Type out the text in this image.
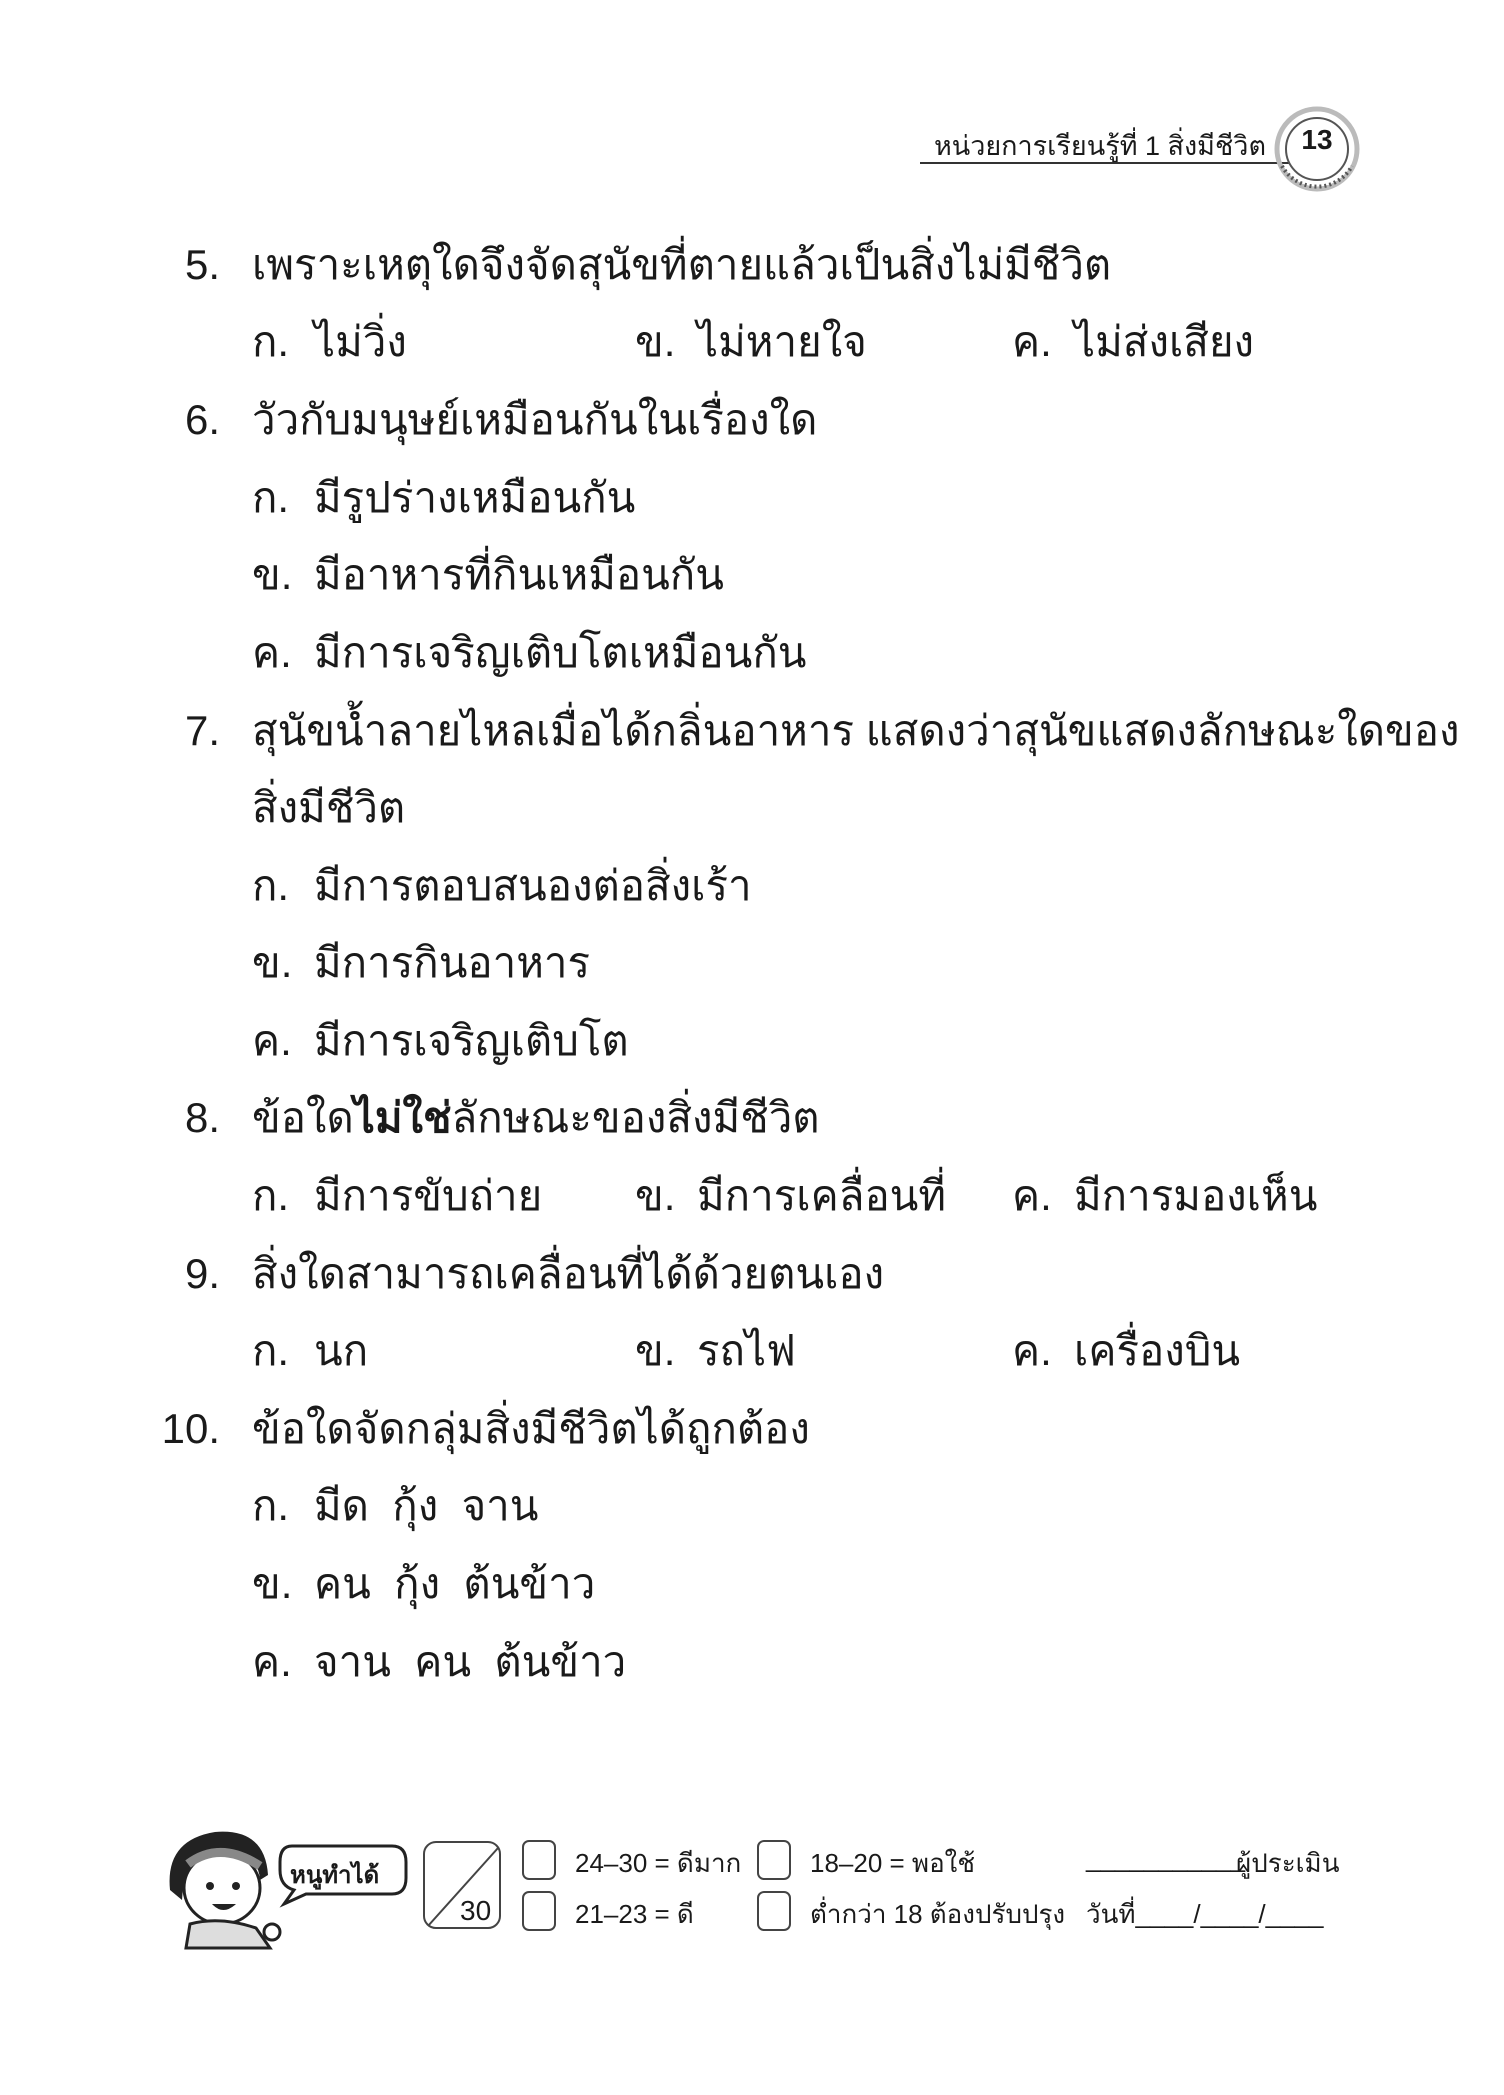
หน่วยการเรียนรู้ที่ 1 สิ่งมีชีวิต	13
5. เพราะเหตุใดจึงจัดสุนัขที่ตายแล้วเป็นสิ่งไม่มีชีวิต
ก. ไม่วิ่ง	ข. ไม่หายใจ	ค. ไม่ส่งเสียง
6. วัวกับมนุษย์เหมือนกันในเรื่องใด
ก. มีรูปร่างเหมือนกัน
ข. มีอาหารที่กินเหมือนกัน
ค. มีการเจริญเติบโตเหมือนกัน
7. สุนัขน้ำลายไหลเมื่อได้กลิ่นอาหาร แสดงว่าสุนัขแสดงลักษณะใดของ
สิ่งมีชีวิต
ก. มีการตอบสนองต่อสิ่งเร้า
ข. มีการกินอาหาร
ค. มีการเจริญเติบโต
8. ข้อใดไม่ใช่ลักษณะของสิ่งมีชีวิต
ก. มีการขับถ่าย ข. มีการเคลื่อนที่ ค. มีการมองเห็น
9. สิ่งใดสามารถเคลื่อนที่ได้ด้วยตนเอง
ก. นก	ข. รถไฟ	ค. เครื่องบิน
10. ข้อใดจัดกลุ่มสิ่งมีชีวิตได้ถูกต้อง
ก. มีด  กุ้ง  จาน
ข. คน  กุ้ง  ต้นข้าว
ค. จาน  คน  ต้นข้าว
หนูทำได้
30
24–30 = ดีมาก
21–23 = ดี
18–20 = พอใช้
ต่ำกว่า 18 ต้องปรับปรุง
___________
ผู้ประเมิน
วันที่____/____/____
